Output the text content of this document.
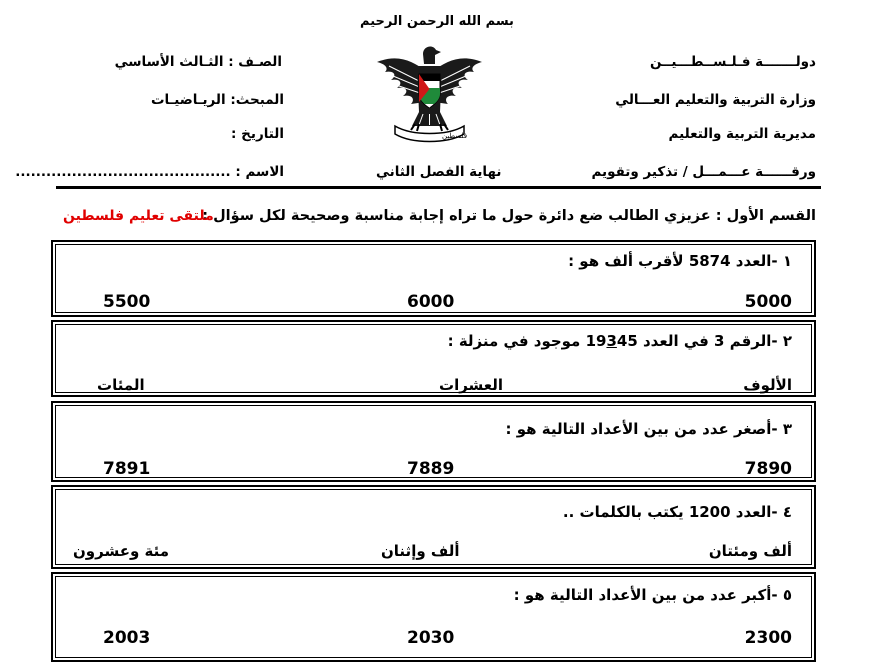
بسم الله الرحمن الرحيم
دولـــــــة فـلـســطـــيــن
وزارة التربية والتعليم العـــالي
مديرية التربية والتعليم
ورقــــــة عـــمـــل / تذكير وتقويم
الصـف : الثـالث الأساسي
المبحث: الريـاضيـات
التاريخ :
الاسم : ..........................................	نهاية الفصل الثاني
فلسطين
القسم الأول : عزيزي الطالب ضع دائرة حول ما تراه إجابة مناسبة وصحيحة لكل سؤال :
ملتقى تعليم فلسطين
١ -العدد 5874 لأقرب ألف هو :
5000
6000
5500
٢ -الرقم 3 في العدد 19345 موجود في منزلة :
الألوف
العشرات
المئات
٣ -أصغر عدد من بين الأعداد التالية هو :
7890
7889
7891
٤ -العدد 1200 يكتب بالكلمات ..
ألف ومئتان
ألف وإثنان
مئة وعشرون
٥ -أكبر عدد من بين الأعداد التالية هو :
2300
2030
2003
